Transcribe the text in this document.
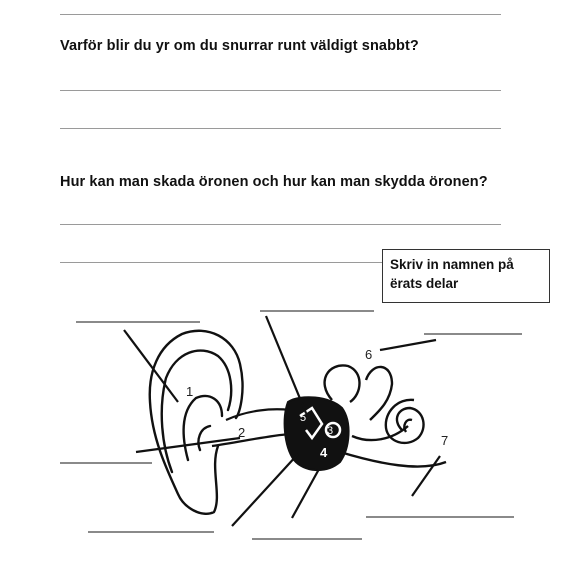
Varför blir du yr om du snurrar runt väldigt snabbt?
Hur kan man skada öronen och hur kan man skydda öronen?
Skriv in namnen på
ёrats delar
1
2	3
4
5
6
7
